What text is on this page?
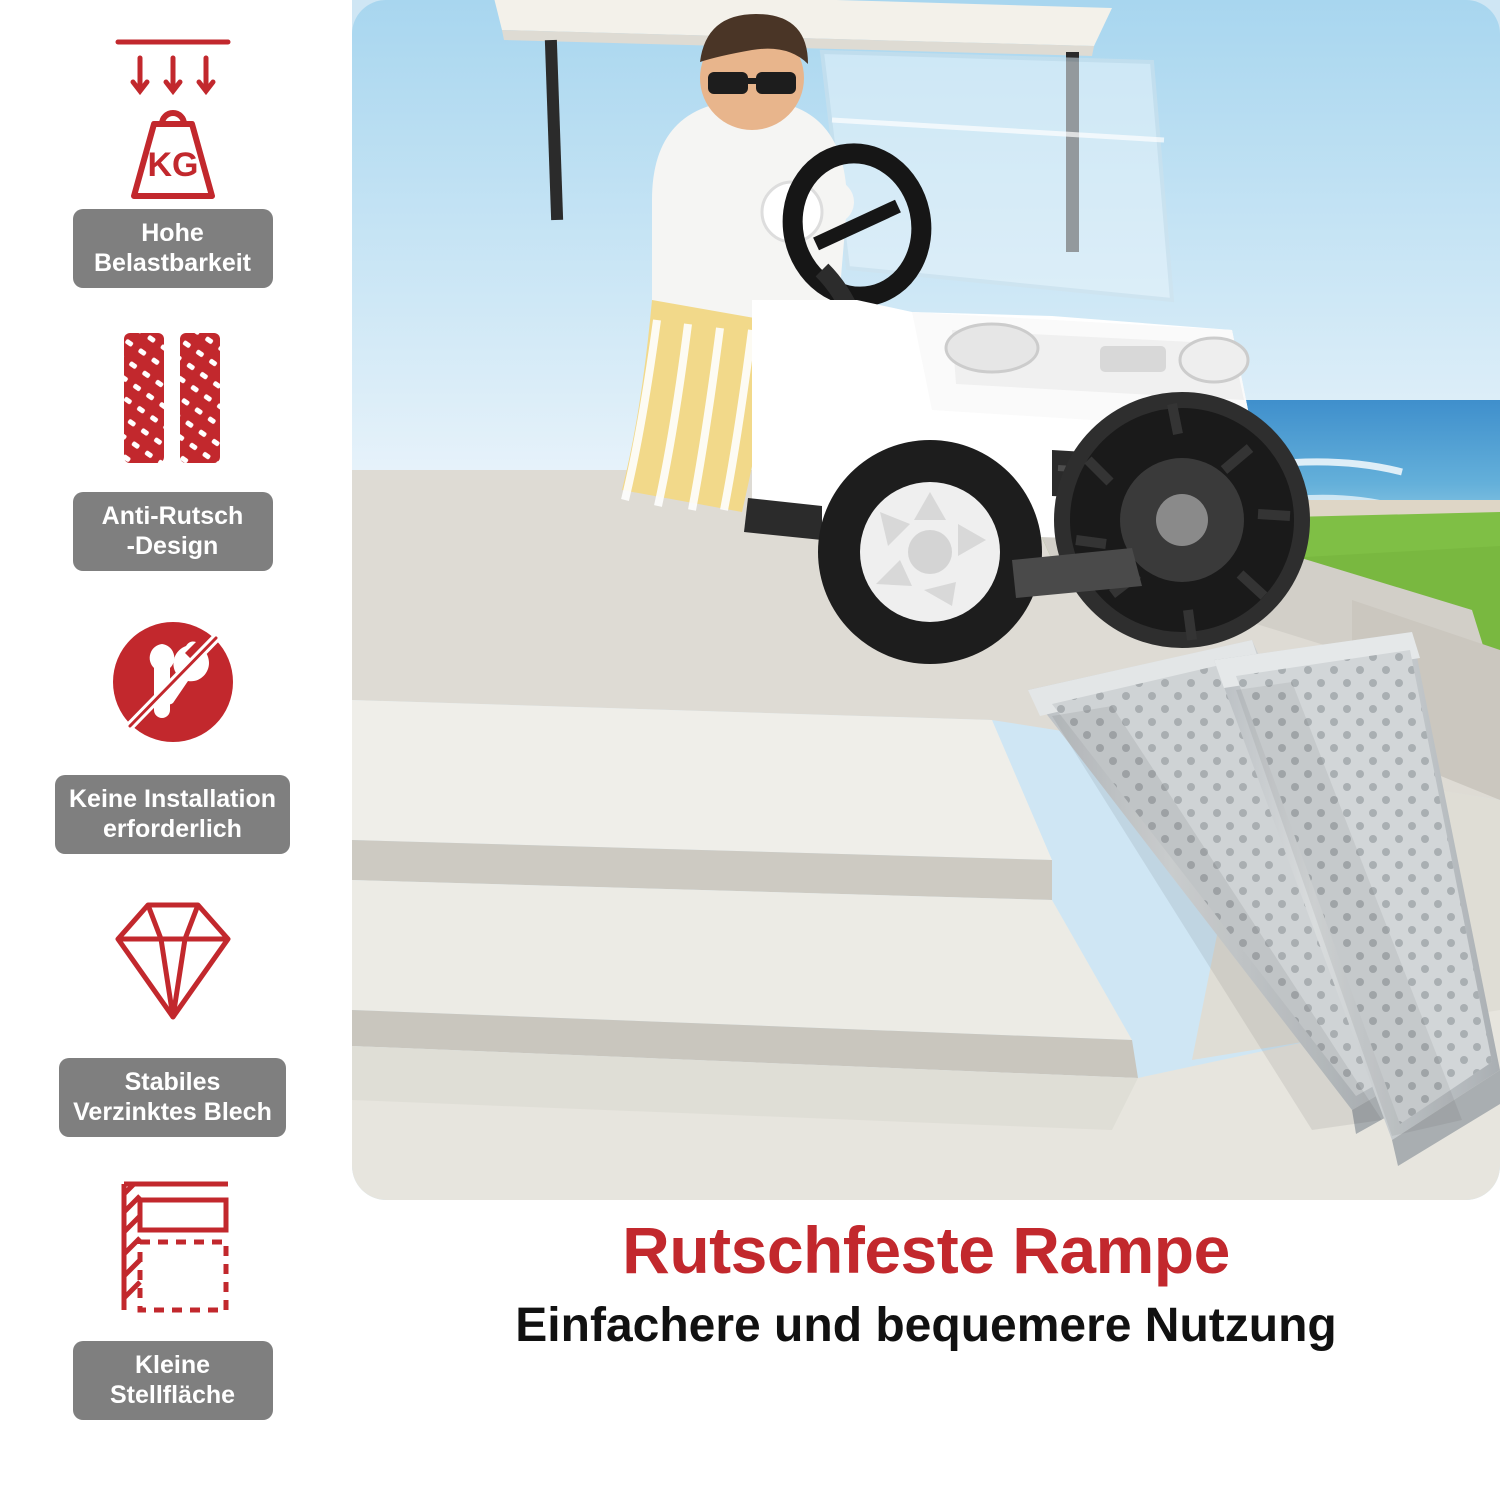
KG
Hohe
Belastbarkeit
Anti-Rutsch
-Design
Keine Installation
erforderlich
Stabiles
Verzinktes Blech
Kleine
Stellfläche
Rutschfeste Rampe
Einfachere und bequemere Nutzung
